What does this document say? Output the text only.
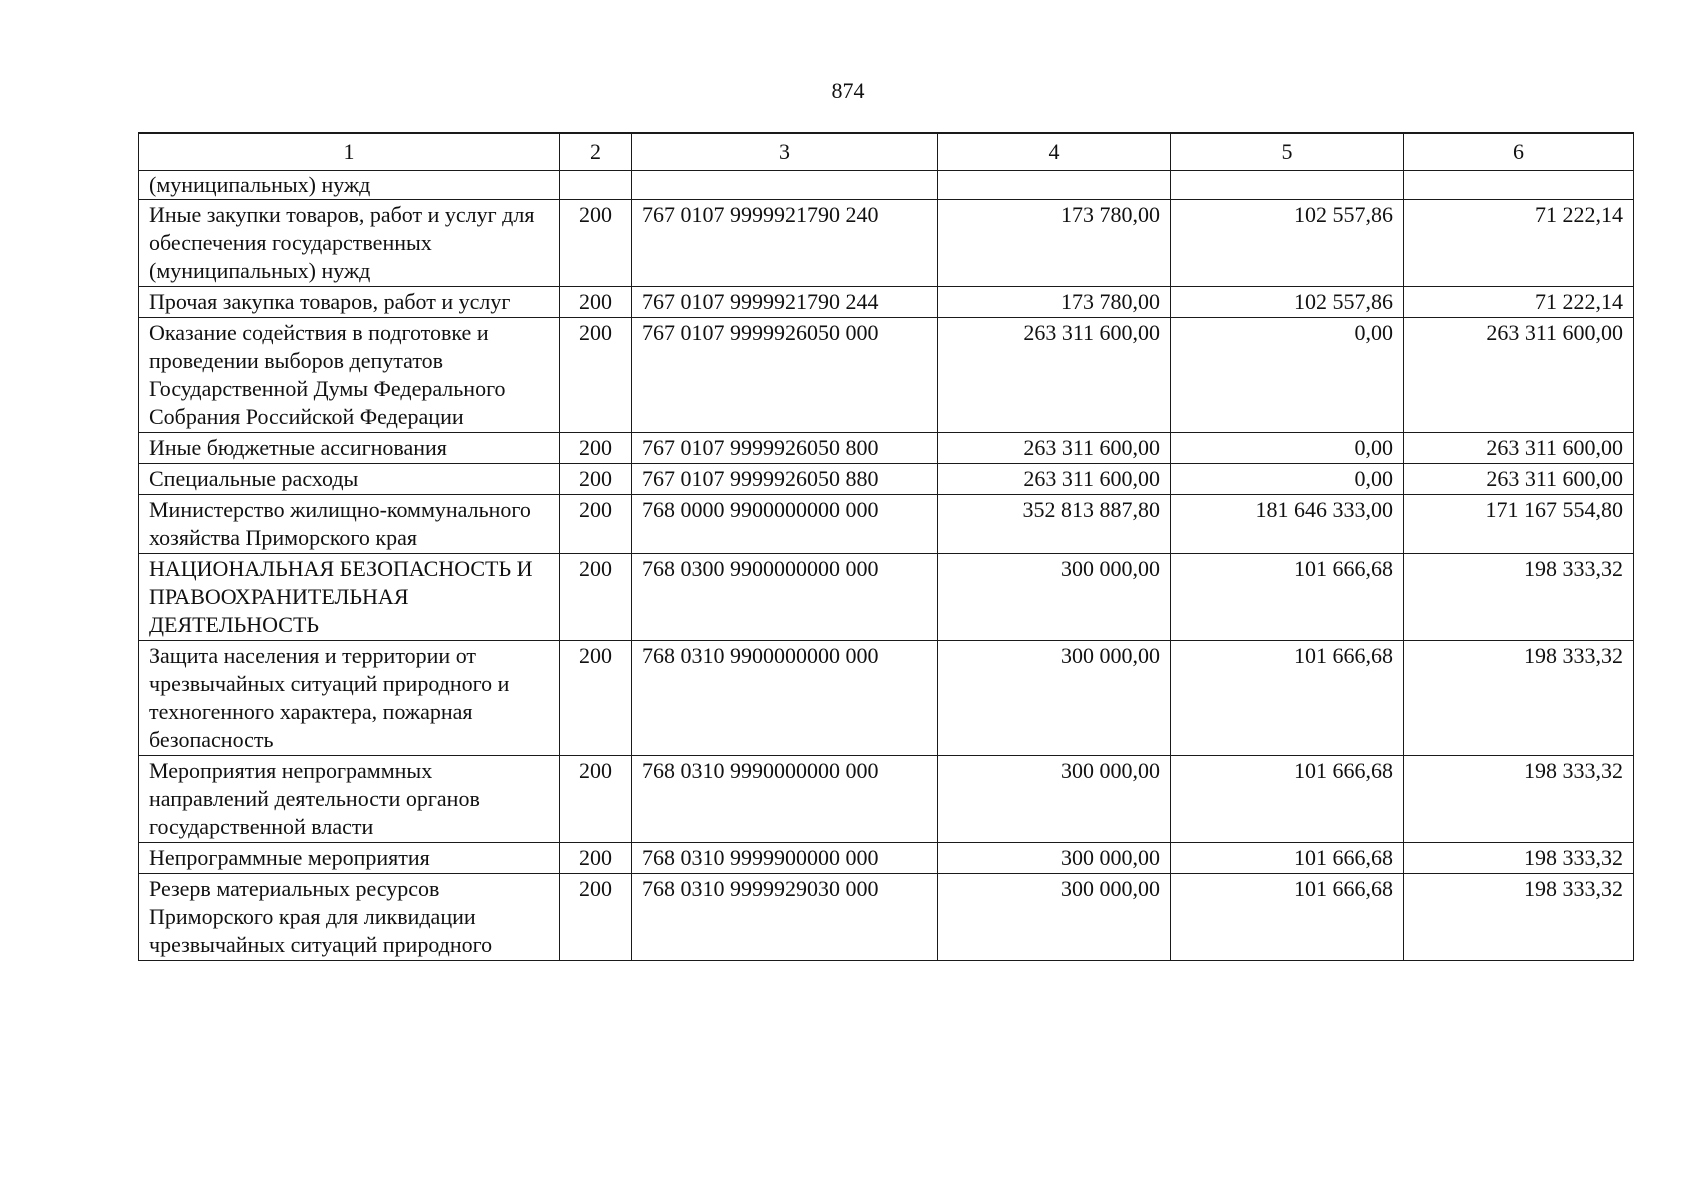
874
1	2	3	4	5	6
(муниципальных) нужд					
Иные закупки товаров, работ и услуг для обеспечения государственных (муниципальных) нужд	200	767 0107 9999921790 240	173 780,00	102 557,86	71 222,14
Прочая закупка товаров, работ и услуг	200	767 0107 9999921790 244	173 780,00	102 557,86	71 222,14
Оказание содействия в подготовке и проведении выборов депутатов Государственной Думы Федерального Собрания Российской Федерации	200	767 0107 9999926050 000	263 311 600,00	0,00	263 311 600,00
Иные бюджетные ассигнования	200	767 0107 9999926050 800	263 311 600,00	0,00	263 311 600,00
Специальные расходы	200	767 0107 9999926050 880	263 311 600,00	0,00	263 311 600,00
Министерство жилищно-коммунального хозяйства Приморского края	200	768 0000 9900000000 000	352 813 887,80	181 646 333,00	171 167 554,80
НАЦИОНАЛЬНАЯ БЕЗОПАСНОСТЬ И ПРАВООХРАНИТЕЛЬНАЯ ДЕЯТЕЛЬНОСТЬ	200	768 0300 9900000000 000	300 000,00	101 666,68	198 333,32
Защита населения и территории от чрезвычайных ситуаций природного и техногенного характера, пожарная безопасность	200	768 0310 9900000000 000	300 000,00	101 666,68	198 333,32
Мероприятия непрограммных направлений деятельности органов государственной власти	200	768 0310 9990000000 000	300 000,00	101 666,68	198 333,32
Непрограммные мероприятия	200	768 0310 9999900000 000	300 000,00	101 666,68	198 333,32
Резерв материальных ресурсов Приморского края для ликвидации чрезвычайных ситуаций природного	200	768 0310 9999929030 000	300 000,00	101 666,68	198 333,32
